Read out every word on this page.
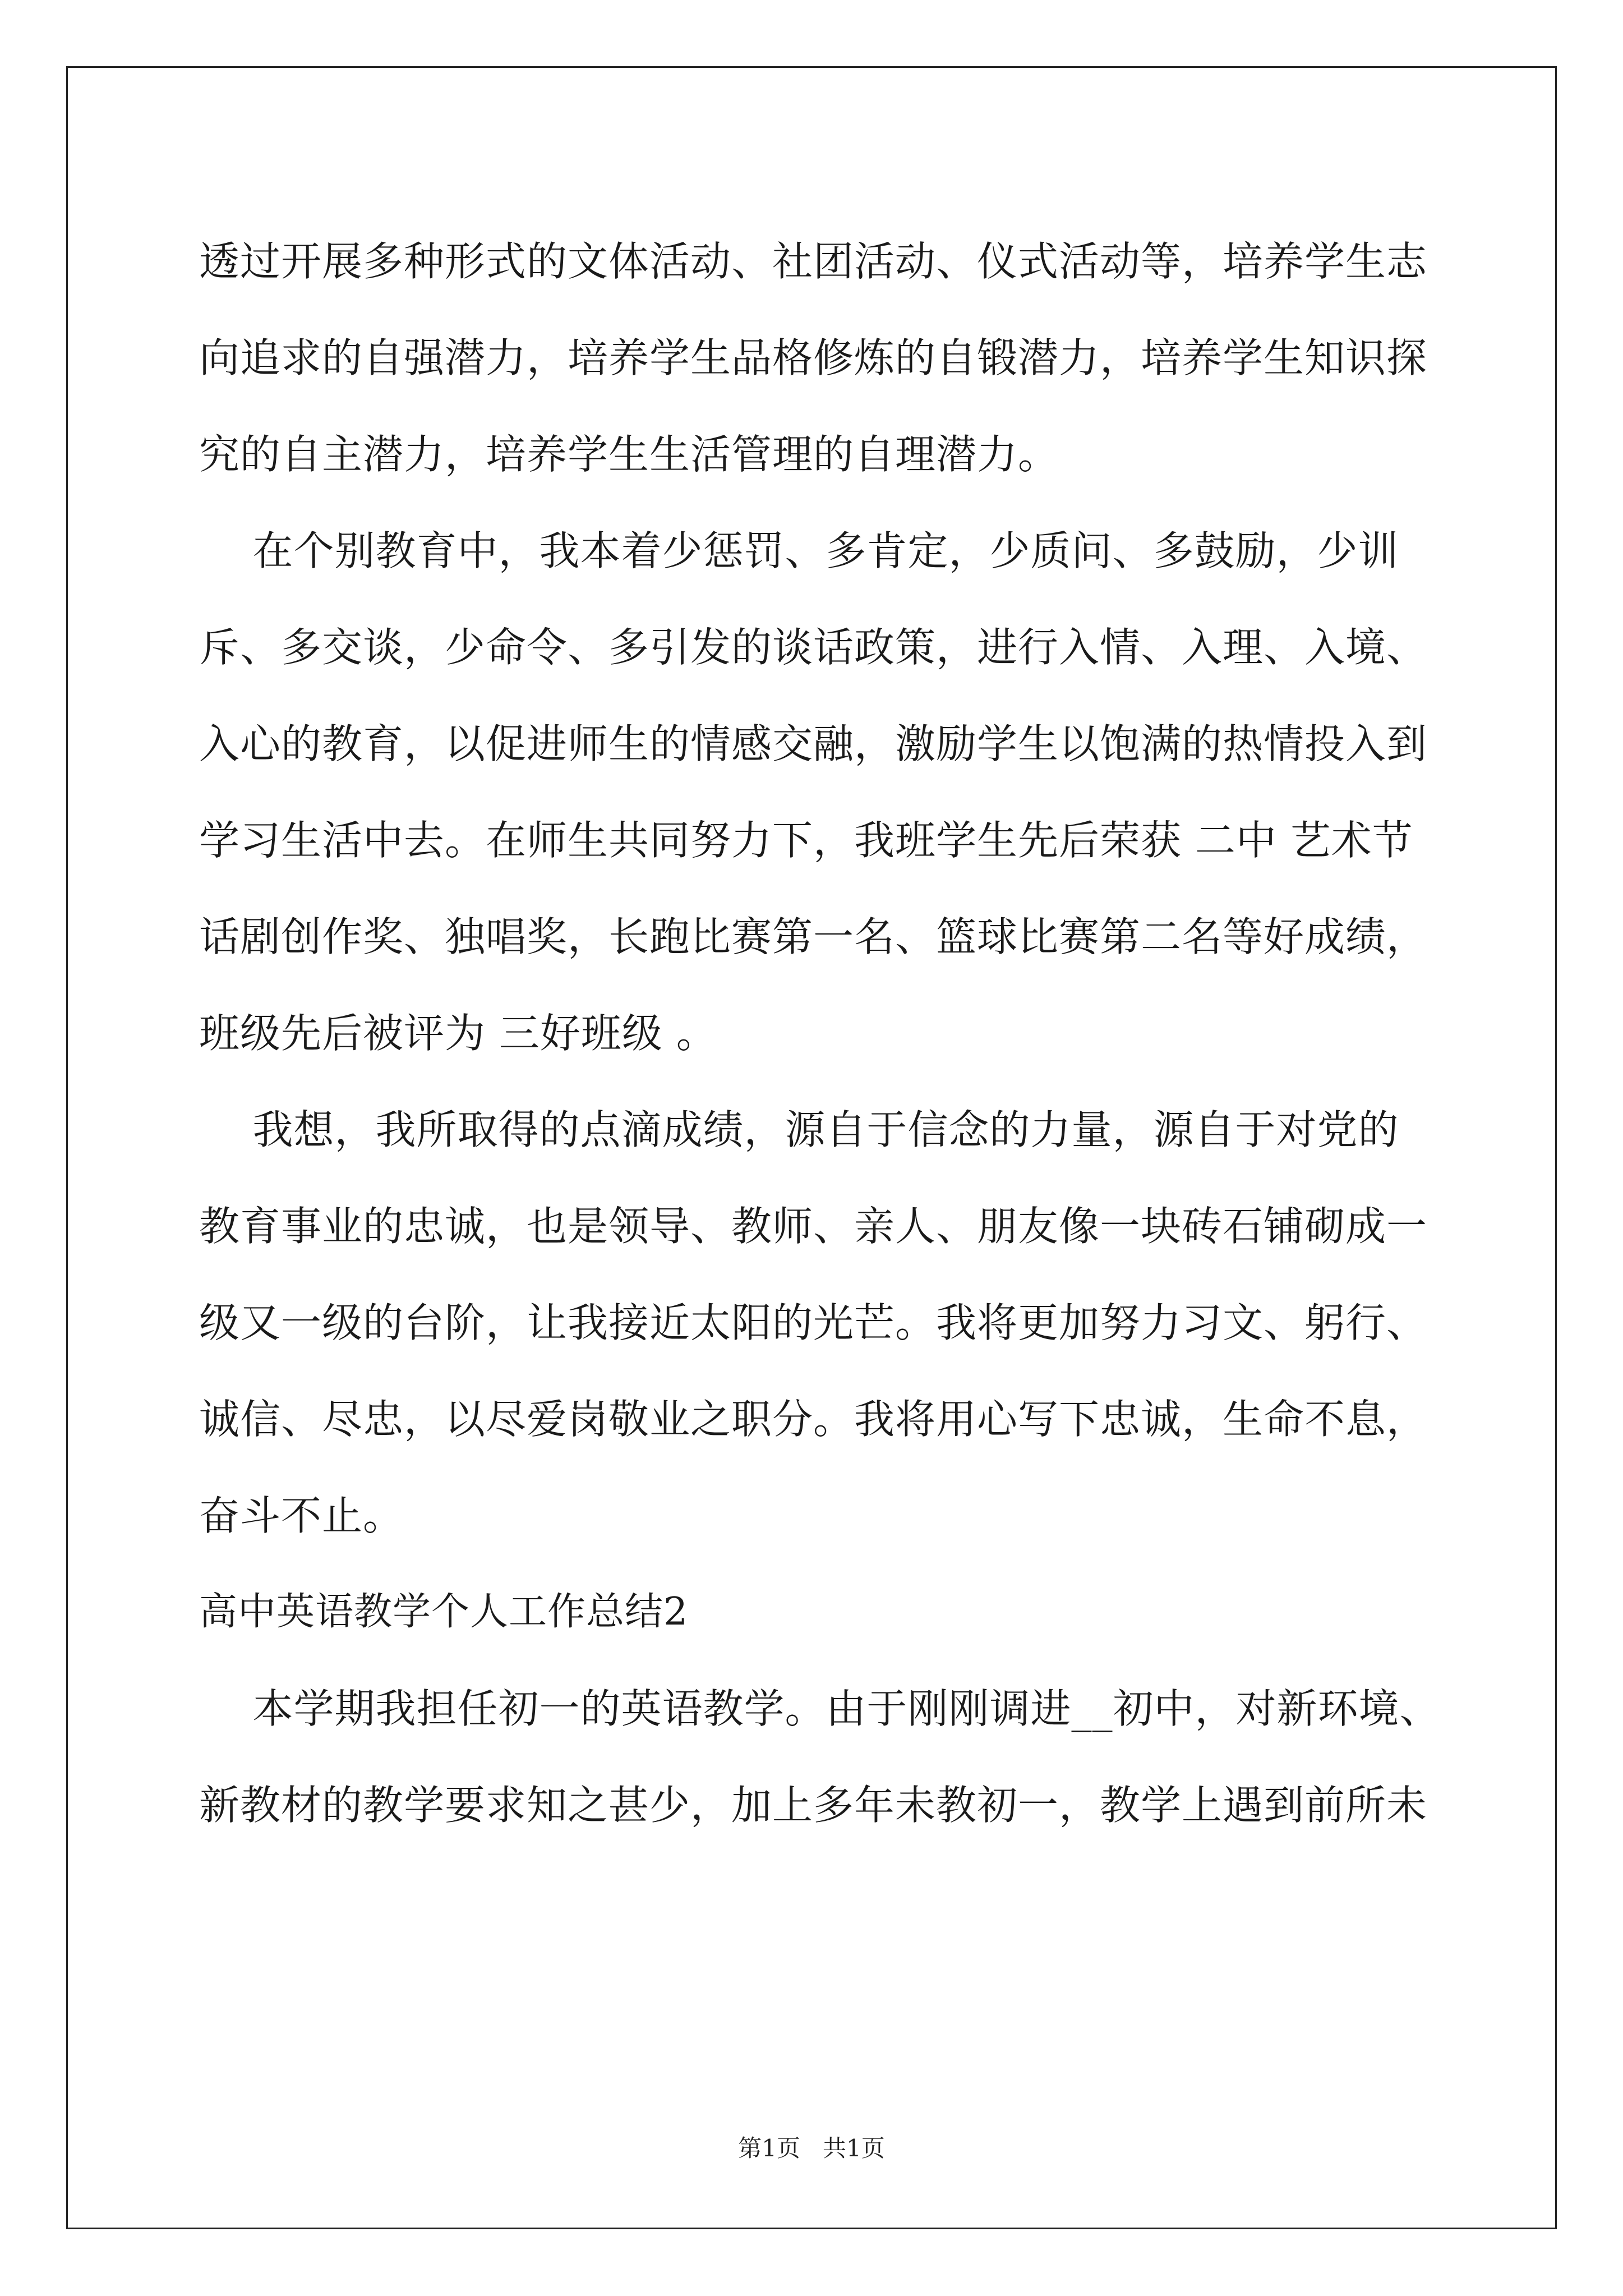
透过开展多种形式的文体活动、社团活动、仪式活动等，培养学生志
向追求的自强潜力，培养学生品格修炼的自锻潜力，培养学生知识探
究的自主潜力，培养学生生活管理的自理潜力。
在个别教育中，我本着少惩罚、多肯定，少质问、多鼓励，少训
斥、多交谈，少命令、多引发的谈话政策，进行入情、入理、入境、
入心的教育，以促进师生的情感交融，激励学生以饱满的热情投入到
学习生活中去。在师生共同努力下，我班学生先后荣获 二中 艺术节
话剧创作奖、独唱奖，长跑比赛第一名、篮球比赛第二名等好成绩，
班级先后被评为 三好班级 。
我想，我所取得的点滴成绩，源自于信念的力量，源自于对党的
教育事业的忠诚，也是领导、教师、亲人、朋友像一块砖石铺砌成一
级又一级的台阶，让我接近太阳的光芒。我将更加努力习文、躬行、
诚信、尽忠，以尽爱岗敬业之职分。我将用心写下忠诚，生命不息，
奋斗不止。
高中英语教学个人工作总结2
本学期我担任初一的英语教学。由于刚刚调进__初中，对新环境、
新教材的教学要求知之甚少，加上多年未教初一，教学上遇到前所未
第1页   共1页
